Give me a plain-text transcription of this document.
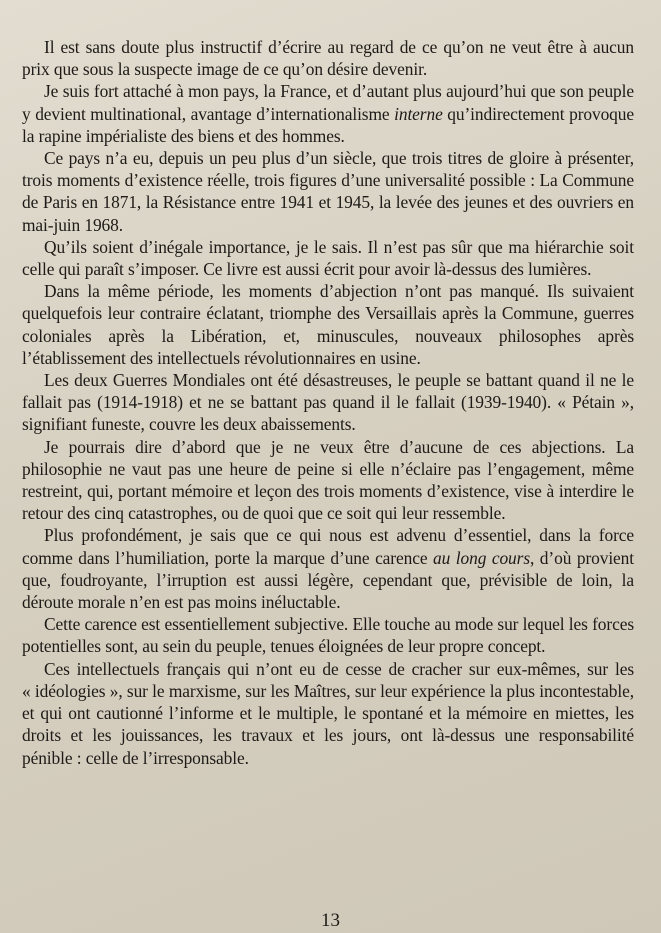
Il est sans doute plus instructif d’écrire au regard de ce qu’on ne veut être à aucun prix que sous la suspecte image de ce qu’on désire devenir.

Je suis fort attaché à mon pays, la France, et d’autant plus aujourd’hui que son peuple y devient multinational, avantage d’internationalisme interne qu’indirectement provoque la rapine impérialiste des biens et des hommes.

Ce pays n’a eu, depuis un peu plus d’un siècle, que trois titres de gloire à présenter, trois moments d’existence réelle, trois figures d’une universalité possible : La Commune de Paris en 1871, la Résistance entre 1941 et 1945, la levée des jeunes et des ouvriers en mai-juin 1968.

Qu’ils soient d’inégale importance, je le sais. Il n’est pas sûr que ma hiérarchie soit celle qui paraît s’imposer. Ce livre est aussi écrit pour avoir là-dessus des lumières.

Dans la même période, les moments d’abjection n’ont pas manqué. Ils suivaient quelquefois leur contraire éclatant, triomphe des Versaillais après la Commune, guerres coloniales après la Libération, et, minuscules, nouveaux philosophes après l’établissement des intellectuels révolutionnaires en usine.

Les deux Guerres Mondiales ont été désastreuses, le peuple se battant quand il ne le fallait pas (1914-1918) et ne se battant pas quand il le fallait (1939-1940). « Pétain », signifiant funeste, couvre les deux abaissements.

Je pourrais dire d’abord que je ne veux être d’aucune de ces abjections. La philosophie ne vaut pas une heure de peine si elle n’éclaire pas l’engagement, même restreint, qui, portant mémoire et leçon des trois moments d’existence, vise à interdire le retour des cinq catastrophes, ou de quoi que ce soit qui leur ressemble.

Plus profondément, je sais que ce qui nous est advenu d’essentiel, dans la force comme dans l’humiliation, porte la marque d’une carence au long cours, d’où provient que, foudroyante, l’irruption est aussi légère, cependant que, prévisible de loin, la déroute morale n’en est pas moins inéluctable.

Cette carence est essentiellement subjective. Elle touche au mode sur lequel les forces potentielles sont, au sein du peuple, tenues éloignées de leur propre concept.

Ces intellectuels français qui n’ont eu de cesse de cracher sur eux-mêmes, sur les « idéologies », sur le marxisme, sur les Maîtres, sur leur expérience la plus incontestable, et qui ont cautionné l’informe et le multiple, le spontané et la mémoire en miettes, les droits et les jouissances, les travaux et les jours, ont là-dessus une responsabilité pénible : celle de l’irresponsable.

13
